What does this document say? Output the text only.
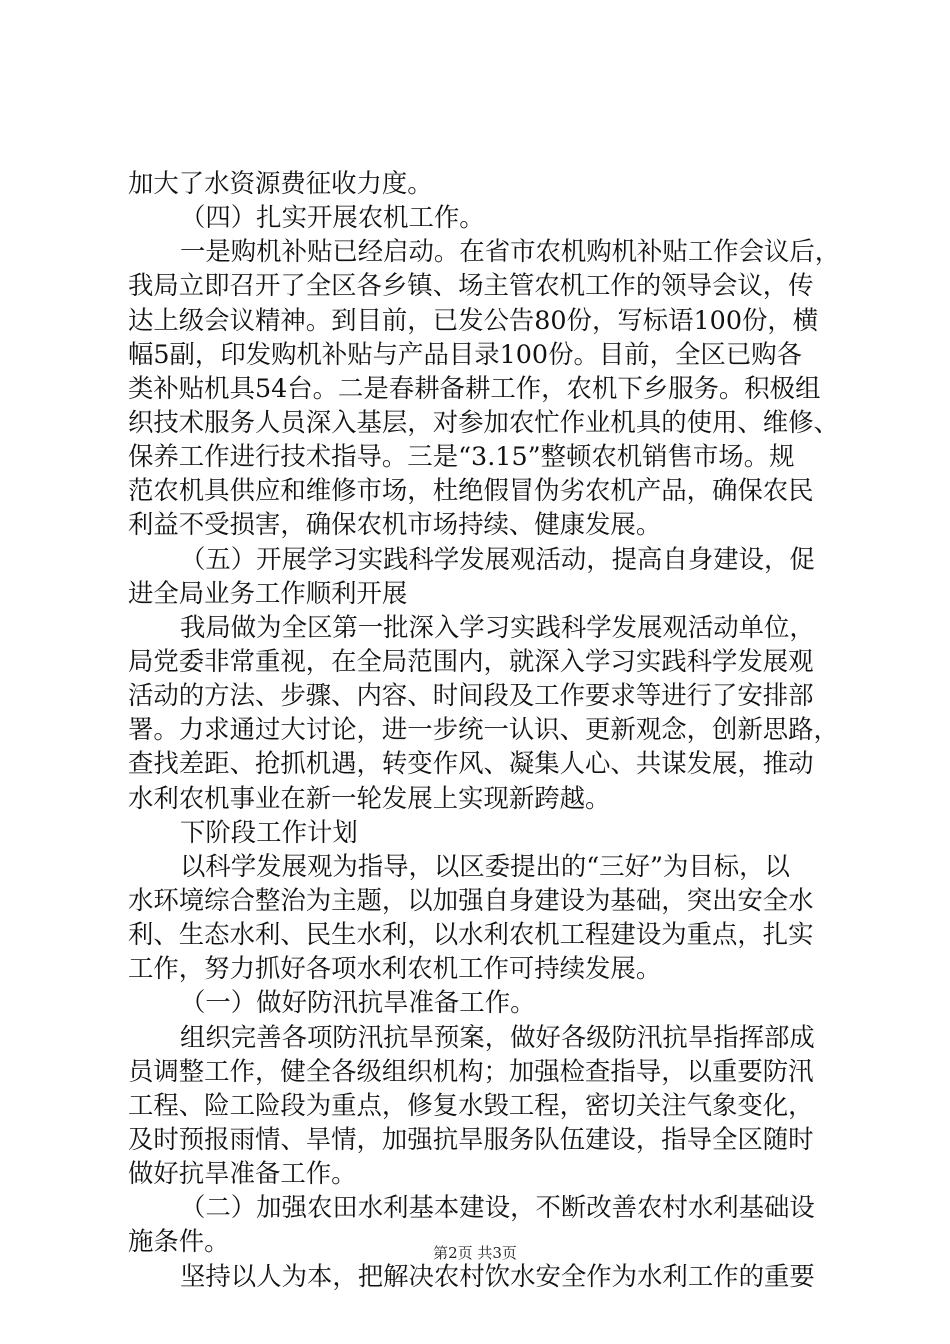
加大了水资源费征收力度。
（四）扎实开展农机工作。
一是购机补贴已经启动。在省市农机购机补贴工作会议后，
我局立即召开了全区各乡镇、场主管农机工作的领导会议，传
达上级会议精神。到目前，已发公告80份，写标语100份，横
幅5副，印发购机补贴与产品目录100份。目前，全区已购各
类补贴机具54台。二是春耕备耕工作，农机下乡服务。积极组
织技术服务人员深入基层，对参加农忙作业机具的使用、维修、
保养工作进行技术指导。三是“3.15”整顿农机销售市场。规
范农机具供应和维修市场，杜绝假冒伪劣农机产品，确保农民
利益不受损害，确保农机市场持续、健康发展。
（五）开展学习实践科学发展观活动，提高自身建设，促
进全局业务工作顺利开展
我局做为全区第一批深入学习实践科学发展观活动单位，
局党委非常重视，在全局范围内，就深入学习实践科学发展观
活动的方法、步骤、内容、时间段及工作要求等进行了安排部
署。力求通过大讨论，进一步统一认识、更新观念，创新思路，
查找差距、抢抓机遇，转变作风、凝集人心、共谋发展，推动
水利农机事业在新一轮发展上实现新跨越。
下阶段工作计划
以科学发展观为指导，以区委提出的“三好”为目标，以
水环境综合整治为主题，以加强自身建设为基础，突出安全水
利、生态水利、民生水利，以水利农机工程建设为重点，扎实
工作，努力抓好各项水利农机工作可持续发展。
（一）做好防汛抗旱准备工作。
组织完善各项防汛抗旱预案，做好各级防汛抗旱指挥部成
员调整工作，健全各级组织机构；加强检查指导，以重要防汛
工程、险工险段为重点，修复水毁工程，密切关注气象变化，
及时预报雨情、旱情，加强抗旱服务队伍建设，指导全区随时
做好抗旱准备工作。
（二）加强农田水利基本建设，不断改善农村水利基础设
施条件。
坚持以人为本，把解决农村饮水安全作为水利工作的重要
第2页 共3页
